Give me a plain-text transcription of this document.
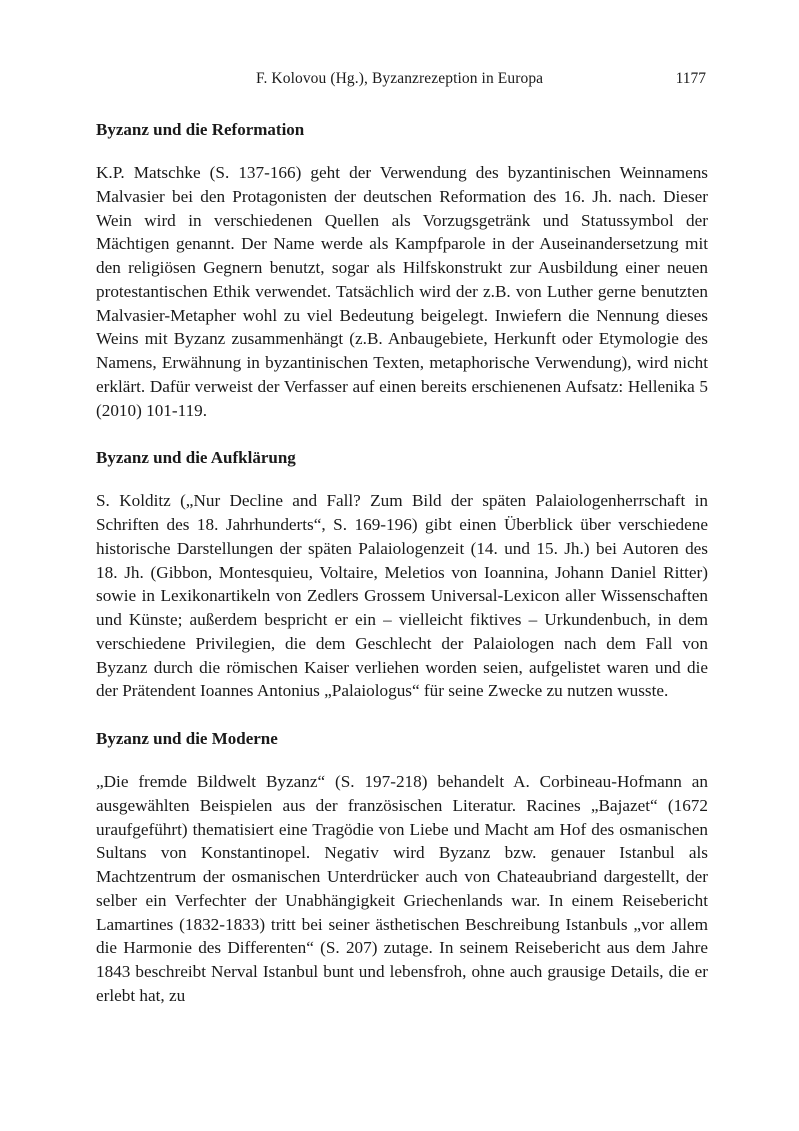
F. Kolovou (Hg.), Byzanzrezeption in Europa	1177
Byzanz und die Reformation

K.P. Matschke (S. 137-166) geht der Verwendung des byzantinischen Weinnamens Malvasier bei den Protagonisten der deutschen Reformation des 16. Jh. nach. Dieser Wein wird in verschiedenen Quellen als Vorzugsgetränk und Statussymbol der Mächtigen genannt. Der Name werde als Kampfparole in der Auseinandersetzung mit den religiösen Gegnern benutzt, sogar als Hilfskonstrukt zur Ausbildung einer neuen protestantischen Ethik verwendet. Tatsächlich wird der z.B. von Luther gerne benutzten Malvasier-Metapher wohl zu viel Bedeutung beigelegt. Inwiefern die Nennung dieses Weins mit Byzanz zusammenhängt (z.B. Anbaugebiete, Herkunft oder Etymologie des Namens, Erwähnung in byzantinischen Texten, metaphorische Verwendung), wird nicht erklärt. Dafür verweist der Verfasser auf einen bereits erschienenen Aufsatz: Hellenika 5 (2010) 101-119.

Byzanz und die Aufklärung

S. Kolditz („Nur Decline and Fall? Zum Bild der späten Palaiologenherrschaft in Schriften des 18. Jahrhunderts“, S. 169-196) gibt einen Überblick über verschiedene historische Darstellungen der späten Palaiologenzeit (14. und 15. Jh.) bei Autoren des 18. Jh. (Gibbon, Montesquieu, Voltaire, Meletios von Ioannina, Johann Daniel Ritter) sowie in Lexikonartikeln von Zedlers Grossem Universal-Lexicon aller Wissenschaften und Künste; außerdem bespricht er ein – vielleicht fiktives – Urkundenbuch, in dem verschiedene Privilegien, die dem Geschlecht der Palaiologen nach dem Fall von Byzanz durch die römischen Kaiser verliehen worden seien, aufgelistet waren und die der Prätendent Ioannes Antonius „Palaiologus“ für seine Zwecke zu nutzen wusste.

Byzanz und die Moderne

„Die fremde Bildwelt Byzanz“ (S. 197-218) behandelt A. Corbineau-Hofmann an ausgewählten Beispielen aus der französischen Literatur. Racines „Bajazet“ (1672 uraufgeführt) thematisiert eine Tragödie von Liebe und Macht am Hof des osmanischen Sultans von Konstantinopel. Negativ wird Byzanz bzw. genauer Istanbul als Machtzentrum der osmanischen Unterdrücker auch von Chateaubriand dargestellt, der selber ein Verfechter der Unabhängigkeit Griechenlands war. In einem Reisebericht Lamartines (1832-1833) tritt bei seiner ästhetischen Beschreibung Istanbuls „vor allem die Harmonie des Differenten“ (S. 207) zutage. In seinem Reisebericht aus dem Jahre 1843 beschreibt Nerval Istanbul bunt und lebensfroh, ohne auch grausige Details, die er erlebt hat, zu
